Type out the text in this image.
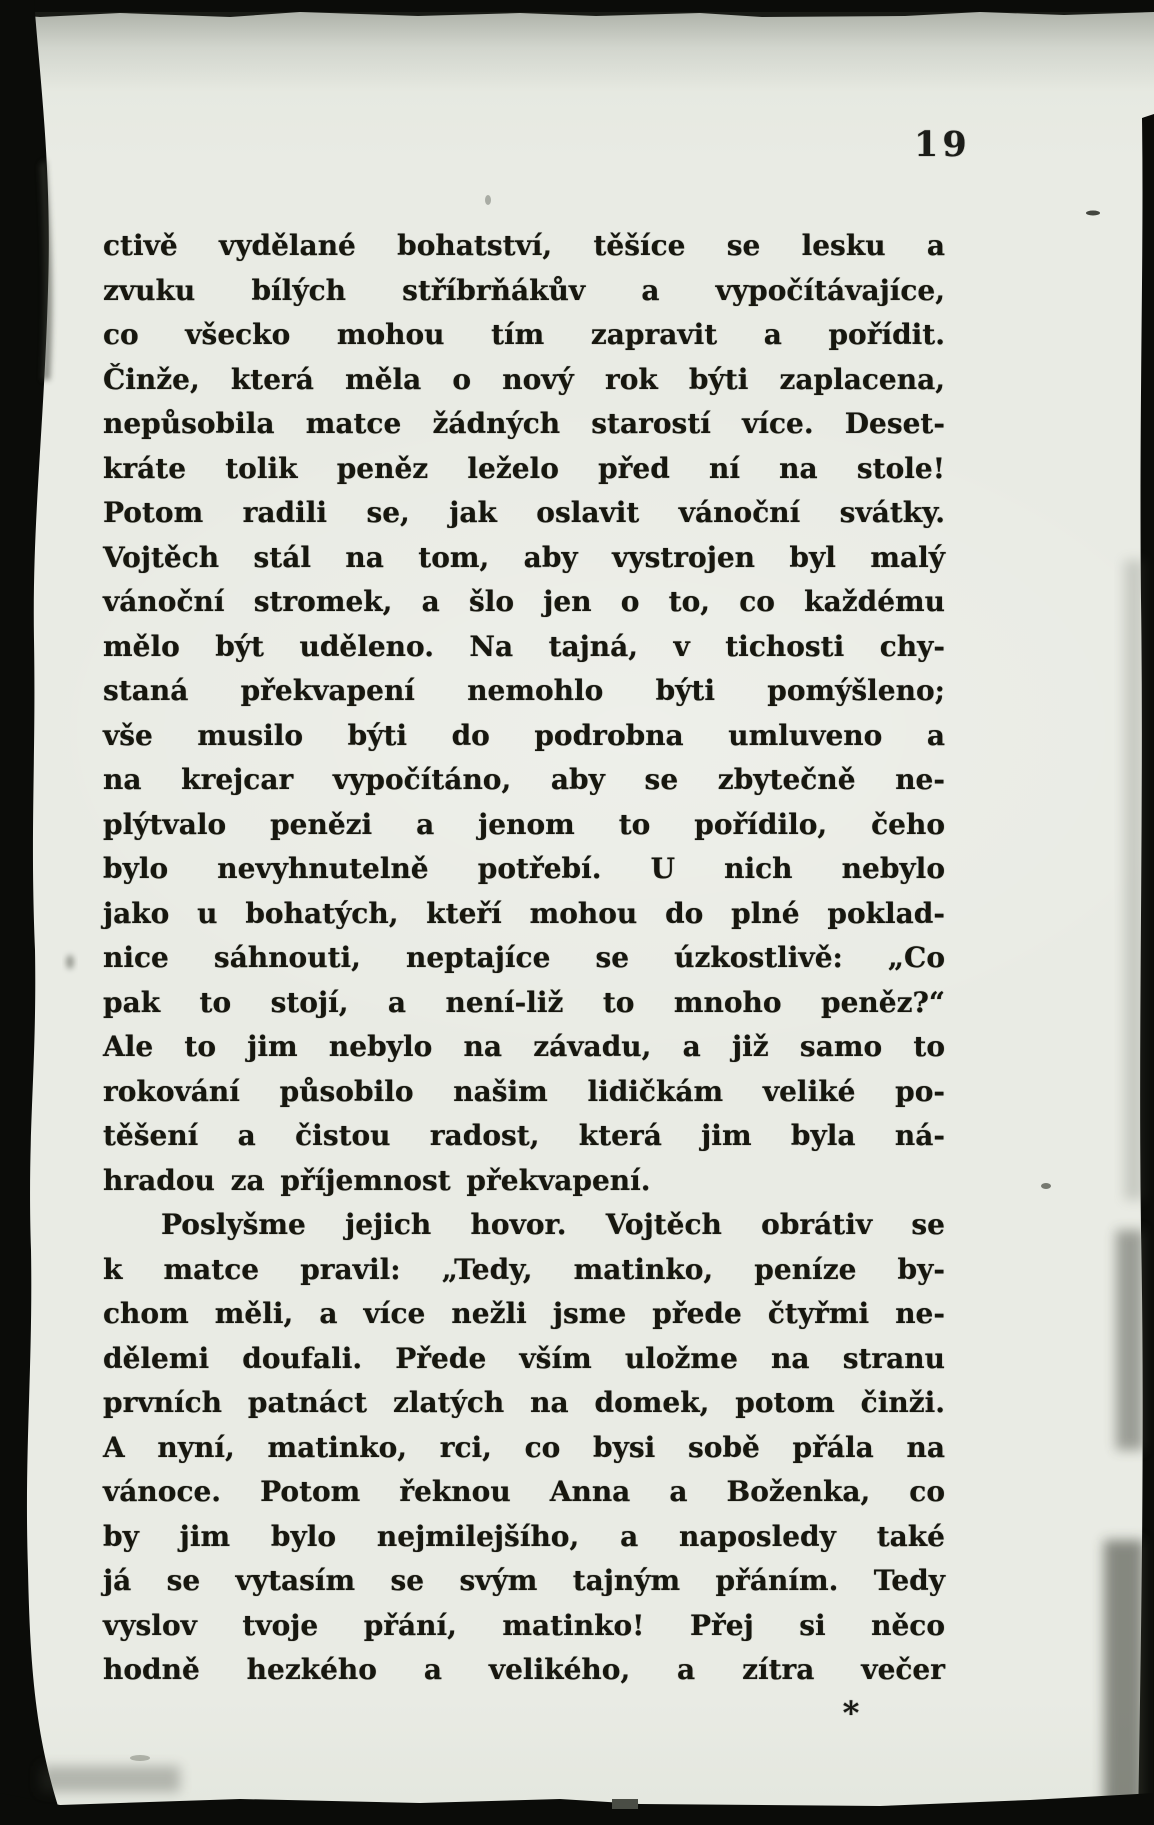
19
ctivě vydělané bohatství, těšíce se lesku a
zvuku bílých stříbrňákův a vypočítávajíce,
co všecko mohou tím zapravit a pořídit.
Činže, která měla o nový rok býti zaplacena,
nepůsobila matce žádných starostí více. Deset-
kráte tolik peněz leželo před ní na stole!
Potom radili se, jak oslavit vánoční svátky.
Vojtěch stál na tom, aby vystrojen byl malý
vánoční stromek, a šlo jen o to, co každému
mělo být uděleno. Na tajná, v tichosti chy-
staná překvapení nemohlo býti pomýšleno;
vše musilo býti do podrobna umluveno a
na krejcar vypočítáno, aby se zbytečně ne-
plýtvalo penězi a jenom to pořídilo, čeho
bylo nevyhnutelně potřebí. U nich nebylo
jako u bohatých, kteří mohou do plné poklad-
nice sáhnouti, neptajíce se úzkostlivě: „Co
pak to stojí, a není-liž to mnoho peněz?“
Ale to jim nebylo na závadu, a již samo to
rokování působilo našim lidičkám veliké po-
těšení a čistou radost, která jim byla ná-
hradou za příjemnost překvapení.
Poslyšme jejich hovor. Vojtěch obrátiv se
k matce pravil: „Tedy, matinko, peníze by-
chom měli, a více nežli jsme přede čtyřmi ne-
dělemi doufali. Přede vším uložme na stranu
prvních patnáct zlatých na domek, potom činži.
A nyní, matinko, rci, co bysi sobě přála na
vánoce. Potom řeknou Anna a Boženka, co
by jim bylo nejmilejšího, a naposledy také
já se vytasím se svým tajným přáním. Tedy
vyslov tvoje přání, matinko! Přej si něco
hodně hezkého a velikého, a zítra večer
*
